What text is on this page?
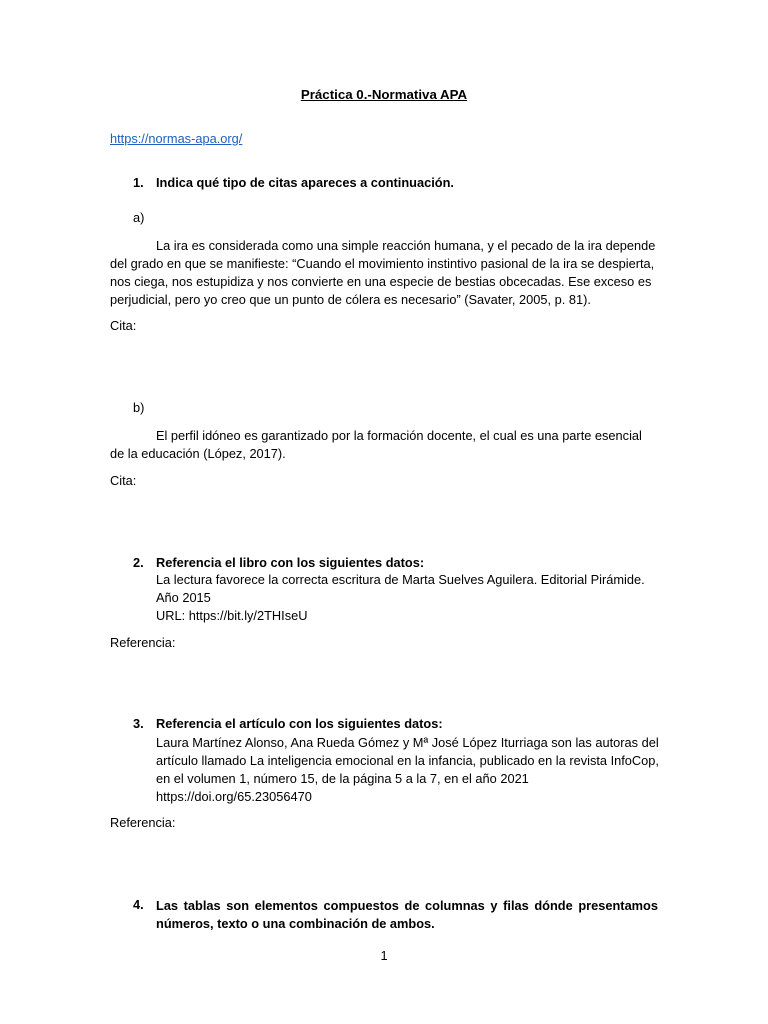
Práctica 0.-Normativa APA
https://normas-apa.org/
1. Indica qué tipo de citas apareces a continuación.
a)
La ira es considerada como una simple reacción humana, y el pecado de la ira depende
del grado en que se manifieste: “Cuando el movimiento instintivo pasional de la ira se despierta, nos ciega, nos estupidiza y nos convierte en una especie de bestias obcecadas. Ese exceso es perjudicial, pero yo creo que un punto de cólera es necesario” (Savater, 2005, p. 81).
Cita:
b)
El perfil idóneo es garantizado por la formación docente, el cual es una parte esencial
de la educación (López, 2017).
Cita:
2. Referencia el libro con los siguientes datos:
La lectura favorece la correcta escritura de Marta Suelves Aguilera. Editorial Pirámide.
Año 2015
URL: https://bit.ly/2THIseU
Referencia:
3. Referencia el artículo con los siguientes datos:
Laura Martínez Alonso, Ana Rueda Gómez y Mª José López Iturriaga son las autoras del artículo llamado La inteligencia emocional en la infancia, publicado en la revista InfoCop, en el volumen 1, número 15, de la página 5 a la 7, en el año 2021 https://doi.org/65.23056470
Referencia:
4. Las tablas son elementos compuestos de columnas y filas dónde presentamos números, texto o una combinación de ambos.
1
